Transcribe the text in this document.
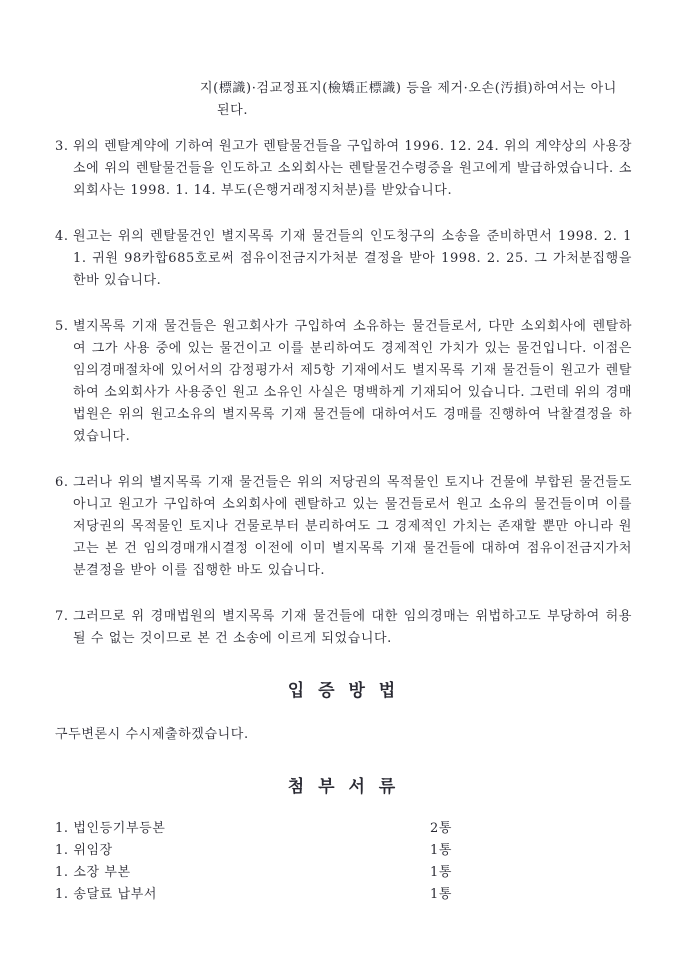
지(標識)·검교정표지(檢矯正標識) 등을 제거·오손(汚損)하여서는 아니
된다.
3. 위의 렌탈계약에 기하여 원고가 렌탈물건들을 구입하여 1996. 12. 24. 위의 계약상의 사용장소에 위의 렌탈물건들을 인도하고 소외회사는 렌탈물건수령증을 원고에게 발급하였습니다. 소외회사는 1998. 1. 14. 부도(은행거래정지처분)를 받았습니다.
4. 원고는 위의 렌탈물건인 별지목록 기재 물건들의 인도청구의 소송을 준비하면서 1998. 2. 11. 귀원 98카합685호로써 점유이전금지가처분 결정을 받아 1998. 2. 25. 그 가처분집행을 한바 있습니다.
5. 별지목록 기재 물건들은 원고회사가 구입하여 소유하는 물건들로서, 다만 소외회사에 렌탈하여 그가 사용 중에 있는 물건이고 이를 분리하여도 경제적인 가치가 있는 물건입니다. 이점은 임의경매절차에 있어서의 감정평가서 제5항 기재에서도 별지목록 기재 물건들이 원고가 렌탈하여 소외회사가 사용중인 원고 소유인 사실은 명백하게 기재되어 있습니다. 그런데 위의 경매법원은 위의 원고소유의 별지목록 기재 물건들에 대하여서도 경매를 진행하여 낙찰결정을 하였습니다.
6. 그러나 위의 별지목록 기재 물건들은 위의 저당권의 목적물인 토지나 건물에 부합된 물건들도 아니고 원고가 구입하여 소외회사에 렌탈하고 있는 물건들로서 원고 소유의 물건들이며 이를 저당권의 목적물인 토지나 건물로부터 분리하여도 그 경제적인 가치는 존재할 뿐만 아니라 원고는 본 건 임의경매개시결정 이전에 이미 별지목록 기재 물건들에 대하여 점유이전금지가처분결정을 받아 이를 집행한 바도 있습니다.
7. 그러므로 위 경매법원의 별지목록 기재 물건들에 대한 임의경매는 위법하고도 부당하여 허용될 수 없는 것이므로 본 건 소송에 이르게 되었습니다.
입 증 방 법
구두변론시 수시제출하겠습니다.
첨 부 서 류
1. 법인등기부등본	2통
1. 위임장	1통
1. 소장 부본	1통
1. 송달료 납부서	1통
